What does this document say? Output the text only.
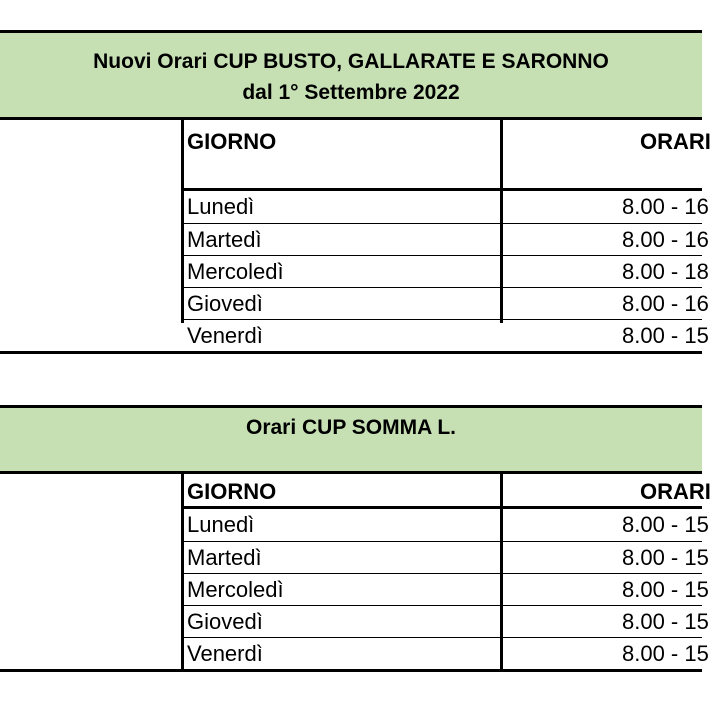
Nuovi Orari CUP BUSTO, GALLARATE E SARONNO
dal 1° Settembre 2022
GIORNO	ORARI
Lunedì	8.00 - 16
Martedì	8.00 - 16
Mercoledì	8.00 - 18
Giovedì	8.00 - 16
Venerdì	8.00 - 15
Orari CUP SOMMA L.
GIORNO	ORARI
Lunedì	8.00 - 15
Martedì	8.00 - 15
Mercoledì	8.00 - 15
Giovedì	8.00 - 15
Venerdì	8.00 - 15
